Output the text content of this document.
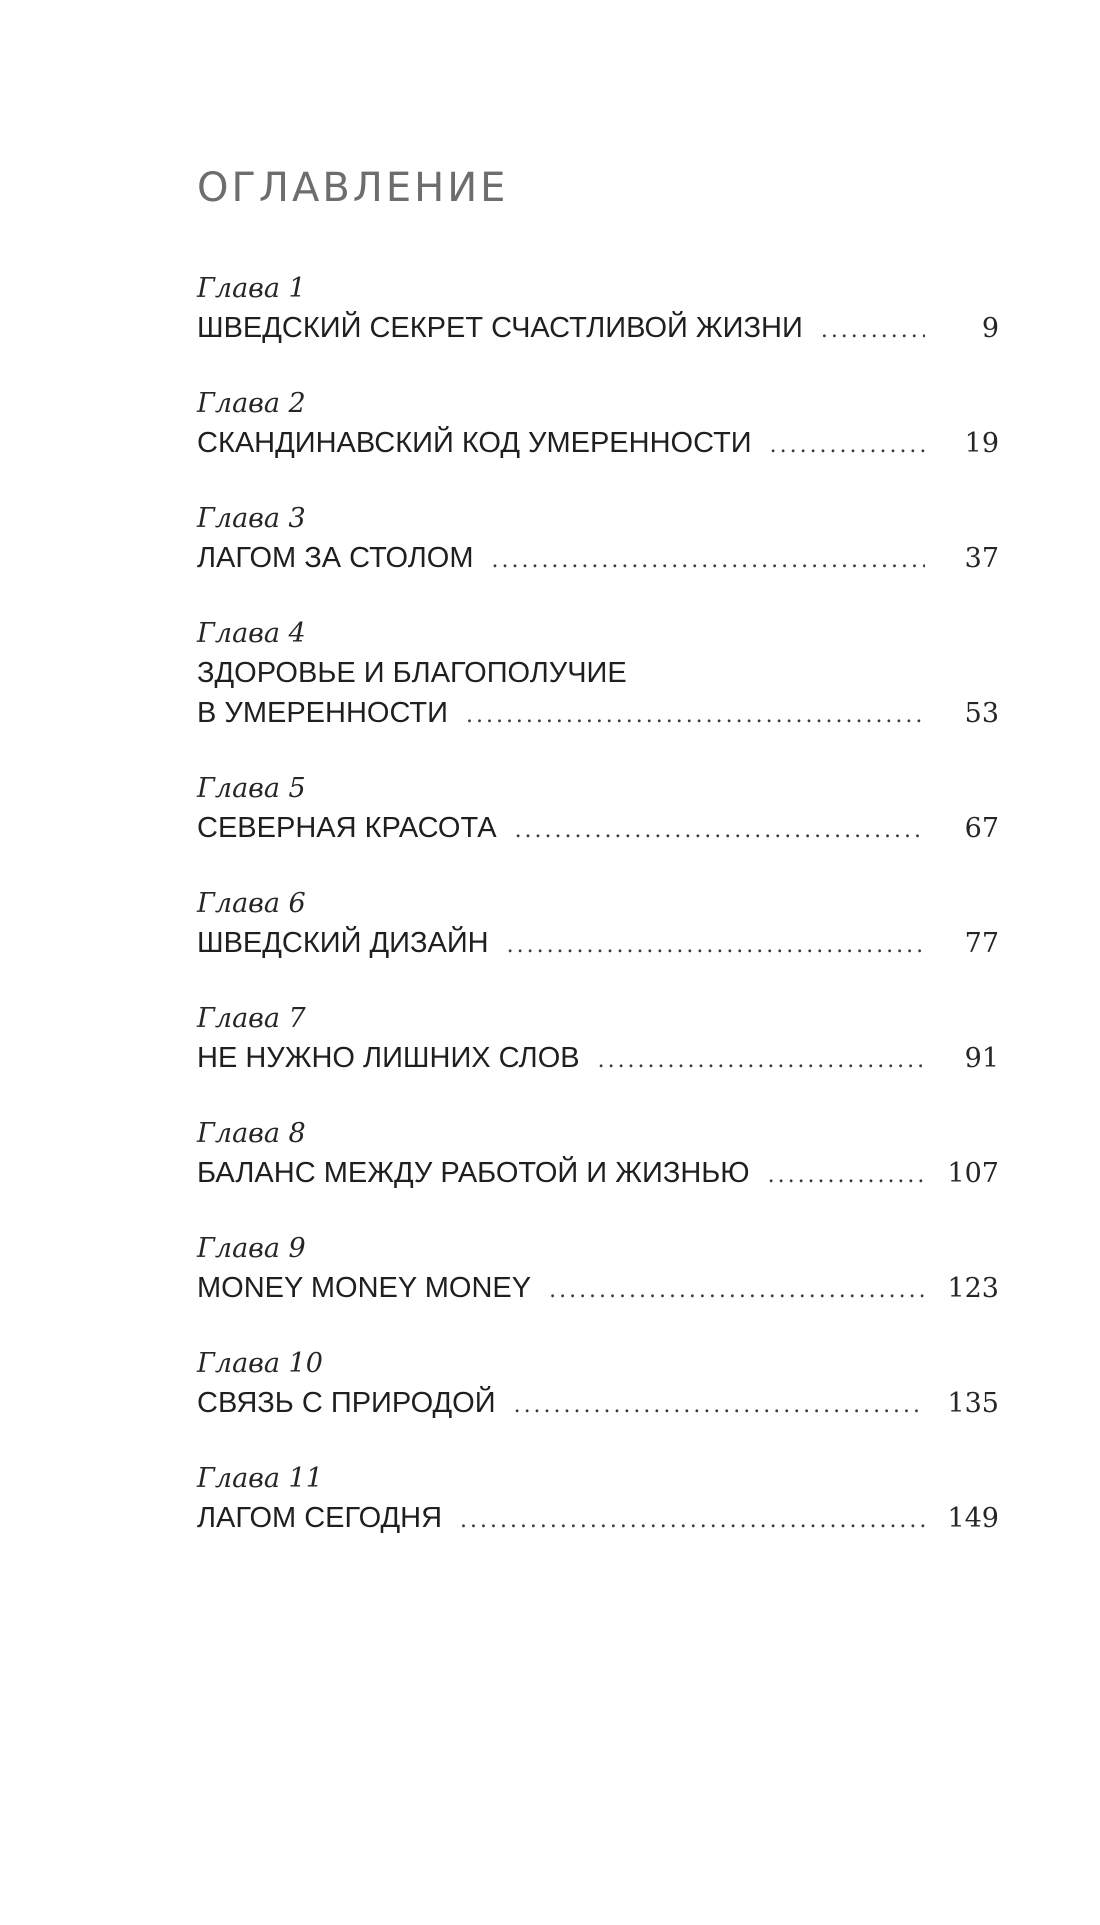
ОГЛАВЛЕНИЕ
Глава 1
ШВЕДСКИЙ СЕКРЕТ СЧАСТЛИВОЙ ЖИЗНИ . . .	9
Глава 2
СКАНДИНАВСКИЙ КОД УМЕРЕННОСТИ . . .	19
Глава 3
ЛАГОМ ЗА СТОЛОМ . . .	37
Глава 4
ЗДОРОВЬЕ И БЛАГОПОЛУЧИЕ
В УМЕРЕННОСТИ . . .	53
Глава 5
СЕВЕРНАЯ КРАСОТА . . .	67
Глава 6
ШВЕДСКИЙ ДИЗАЙН . . .	77
Глава 7
НЕ НУЖНО ЛИШНИХ СЛОВ . . .	91
Глава 8
БАЛАНС МЕЖДУ РАБОТОЙ И ЖИЗНЬЮ . . .	107
Глава 9
MONEY MONEY MONEY . . .	123
Глава 10
СВЯЗЬ С ПРИРОДОЙ . . .	135
Глава 11
ЛАГОМ СЕГОДНЯ . . .	149
